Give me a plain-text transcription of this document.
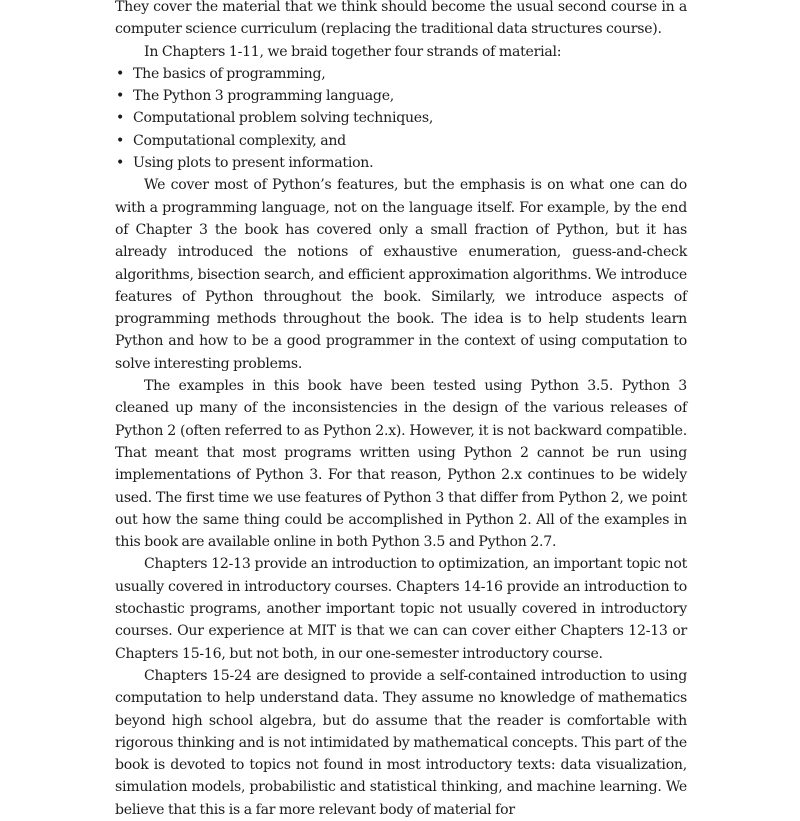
They cover the material that we think should become the usual second course in a computer science curriculum (replacing the traditional data structures course).

In Chapters 1-11, we braid together four strands of material:

• The basics of programming,
• The Python 3 programming language,
• Computational problem solving techniques,
• Computational complexity, and
• Using plots to present information.

We cover most of Python’s features, but the emphasis is on what one can do with a programming language, not on the language itself. For example, by the end of Chapter 3 the book has covered only a small fraction of Python, but it has already introduced the notions of exhaustive enumeration, guess-and-check algorithms, bisection search, and efficient approximation algorithms. We introduce features of Python throughout the book. Similarly, we introduce aspects of programming methods throughout the book. The idea is to help students learn Python and how to be a good programmer in the context of using computation to solve interesting problems.

The examples in this book have been tested using Python 3.5. Python 3 cleaned up many of the inconsistencies in the design of the various releases of Python 2 (often referred to as Python 2.x). However, it is not backward compatible. That meant that most programs written using Python 2 cannot be run using implementations of Python 3. For that reason, Python 2.x continues to be widely used. The first time we use features of Python 3 that differ from Python 2, we point out how the same thing could be accomplished in Python 2. All of the examples in this book are available online in both Python 3.5 and Python 2.7.

Chapters 12-13 provide an introduction to optimization, an important topic not usually covered in introductory courses. Chapters 14-16 provide an introduction to stochastic programs, another important topic not usually covered in introductory courses. Our experience at MIT is that we can can cover either Chapters 12-13 or Chapters 15-16, but not both, in our one-semester introductory course.

Chapters 15-24 are designed to provide a self-contained introduction to using computation to help understand data. They assume no knowledge of mathematics beyond high school algebra, but do assume that the reader is comfortable with rigorous thinking and is not intimidated by mathematical concepts. This part of the book is devoted to topics not found in most introductory texts: data visualization, simulation models, probabilistic and statistical thinking, and machine learning. We believe that this is a far more relevant body of material for
